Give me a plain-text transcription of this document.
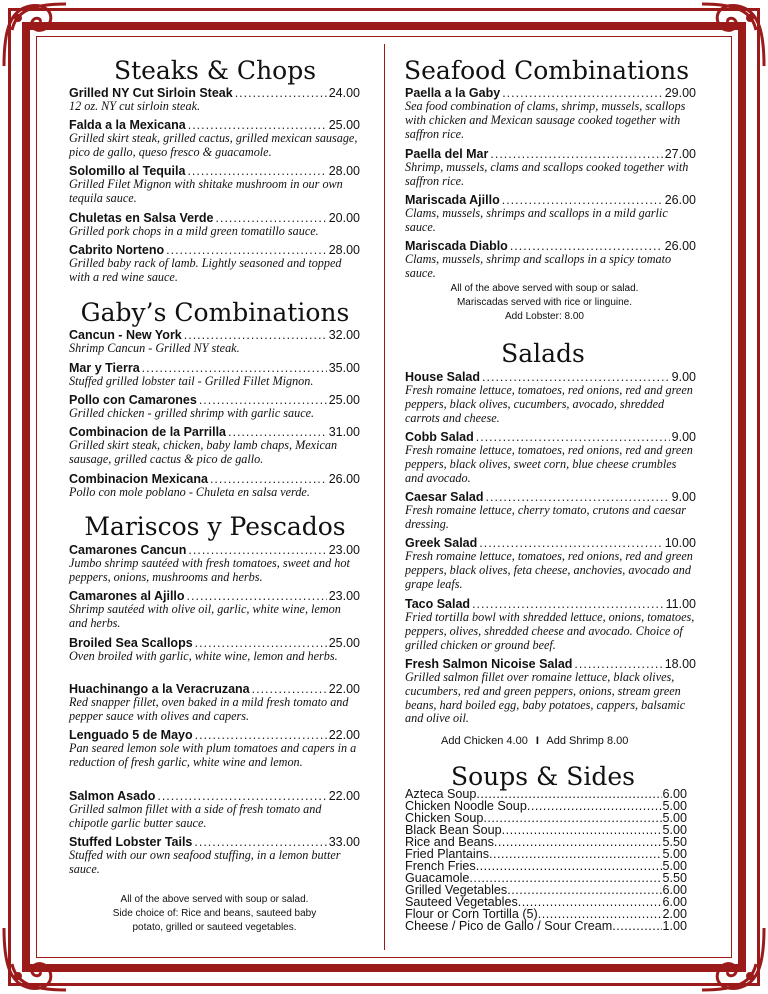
Steaks & Chops
Grilled NY Cut Sirloin Steak .....	24.00
12 oz. NY cut sirloin steak.
Falda a la Mexicana .....	25.00
Grilled skirt steak, grilled cactus, grilled mexican sausage, pico de gallo, queso fresco & guacamole.
Solomillo al Tequila .....	28.00
Grilled Filet Mignon with shitake mushroom in our own tequila sauce.
Chuletas en Salsa Verde .....	20.00
Grilled pork chops in a mild green tomatillo sauce.
Cabrito Norteno .....	28.00
Grilled baby rack of lamb. Lightly seasoned and topped with a red wine sauce.
Gaby’s Combinations
Cancun - New York .....	32.00
Shrimp Cancun - Grilled NY steak.
Mar y Tierra .....	35.00
Stuffed grilled lobster tail - Grilled Fillet Mignon.
Pollo con Camarones .....	25.00
Grilled chicken - grilled shrimp with garlic sauce.
Combinacion de la Parrilla .....	31.00
Grilled skirt steak, chicken, baby lamb chaps, Mexican sausage, grilled cactus & pico de gallo.
Combinacion Mexicana .....	26.00
Pollo con mole poblano - Chuleta en salsa verde.
Mariscos y Pescados
Camarones Cancun .....	23.00
Jumbo shrimp sautéed with fresh tomatoes, sweet and hot peppers, onions, mushrooms and herbs.
Camarones al Ajillo .....	23.00
Shrimp sautéed with olive oil, garlic, white wine, lemon and herbs.
Broiled Sea Scallops .....	25.00
Oven broiled with garlic, white wine, lemon and herbs.
Huachinango a la Veracruzana .....	22.00
Red snapper fillet, oven baked in a mild fresh tomato and pepper sauce with olives and capers.
Lenguado 5 de Mayo .....	22.00
Pan seared lemon sole with plum tomatoes and capers in a reduction of fresh garlic, white wine and lemon.
Salmon Asado .....	22.00
Grilled salmon fillet with a side of fresh tomato and chipotle garlic butter sauce.
Stuffed Lobster Tails .....	33.00
Stuffed with our own seafood stuffing, in a lemon butter sauce.
All of the above served with soup or salad.
Side choice of: Rice and beans, sauteed baby
potato, grilled or sauteed vegetables.
Seafood Combinations
Paella a la Gaby .....	29.00
Sea food combination of clams, shrimp, mussels, scallops with chicken and Mexican sausage cooked together with saffron rice.
Paella del Mar .....	27.00
Shrimp, mussels, clams and scallops cooked together with saffron rice.
Mariscada Ajillo .....	26.00
Clams, mussels, shrimps and scallops in a mild garlic sauce.
Mariscada Diablo .....	26.00
Clams, mussels, shrimp and scallops in a spicy tomato sauce.
All of the above served with soup or salad.
Mariscadas served with rice or linguine.
Add Lobster: 8.00
Salads
House Salad .....	9.00
Fresh romaine lettuce, tomatoes, red onions, red and green peppers, black olives, cucumbers, avocado, shredded carrots and cheese.
Cobb Salad .....	9.00
Fresh romaine lettuce, tomatoes, red onions, red and green peppers, black olives, sweet corn, blue cheese crumbles and avocado.
Caesar Salad .....	9.00
Fresh romaine lettuce, cherry tomato, crutons and caesar dressing.
Greek Salad .....	10.00
Fresh romaine lettuce, tomatoes, red onions, red and green peppers, black olives, feta cheese, anchovies, avocado and grape leafs.
Taco Salad .....	11.00
Fried tortilla bowl with shredded lettuce, onions, tomatoes, peppers, olives, shredded cheese and avocado. Choice of grilled chicken or ground beef.
Fresh Salmon Nicoise Salad .....	18.00
Grilled salmon fillet over romaine lettuce, black olives, cucumbers, red and green peppers, onions, stream green beans, hard boiled egg, baby potatoes, cappers, balsamic and olive oil.
Add Chicken 4.00 I Add Shrimp 8.00
Soups & Sides
Azteca Soup .....	6.00
Chicken Noodle Soup .....	5.00
Chicken Soup .....	5.00
Black Bean Soup .....	5.00
Rice and Beans .....	5.50
Fried Plantains .....	5.00
French Fries .....	5.00
Guacamole .....	5.50
Grilled Vegetables .....	6.00
Sauteed Vegetables .....	6.00
Flour or Corn Tortilla (5) .....	2.00
Cheese / Pico de Gallo / Sour Cream .....	1.00
